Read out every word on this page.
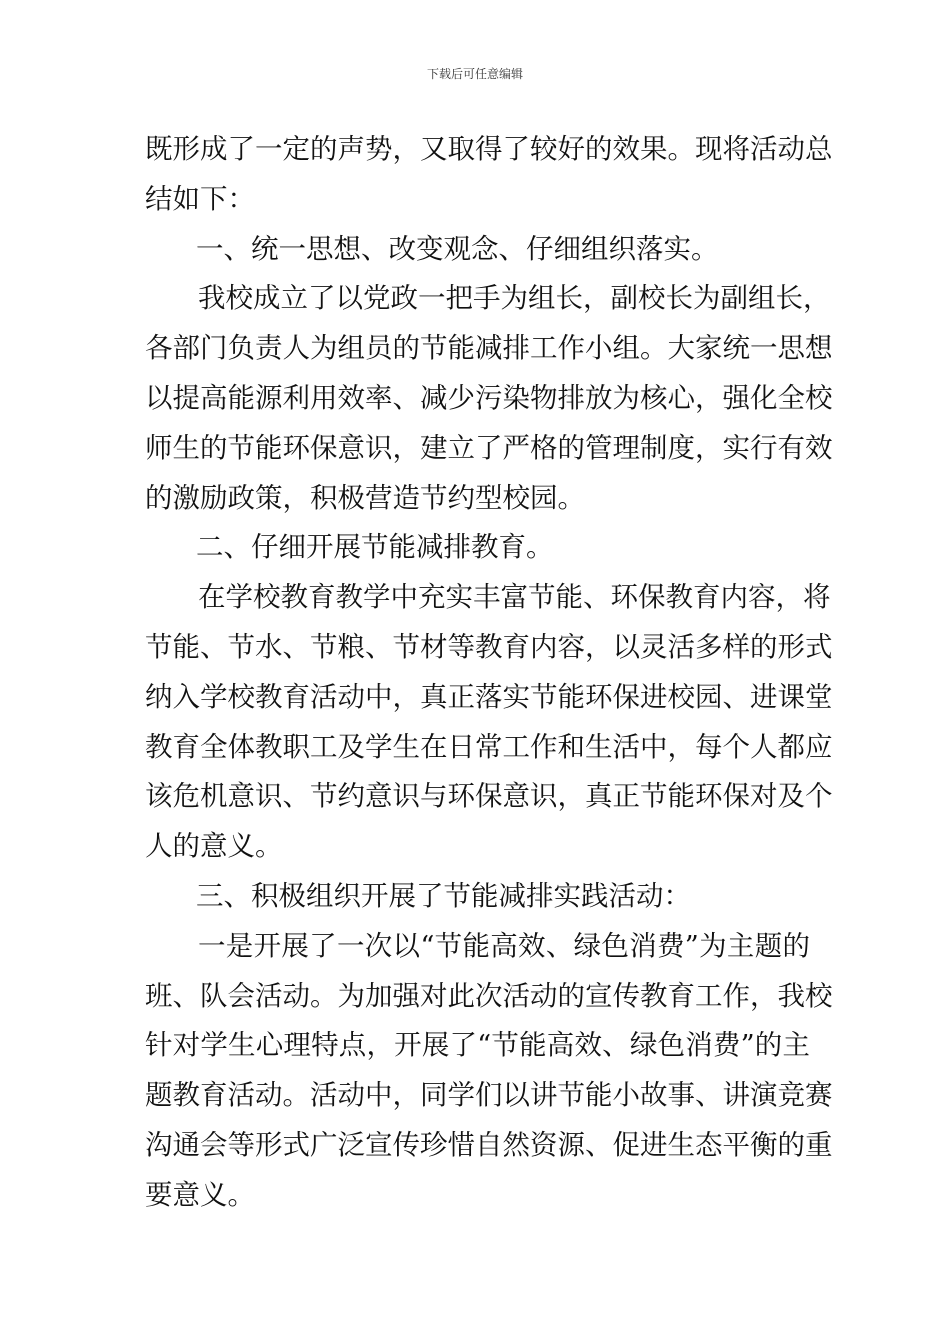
下载后可任意编辑
既形成了一定的声势，又取得了较好的效果。现将活动总
结如下：
一、统一思想、改变观念、仔细组织落实。
我校成立了以党政一把手为组长，副校长为副组长，
各部门负责人为组员的节能减排工作小组。大家统一思想
以提高能源利用效率、减少污染物排放为核心，强化全校
师生的节能环保意识，建立了严格的管理制度，实行有效
的激励政策，积极营造节约型校园。
二、仔细开展节能减排教育。
在学校教育教学中充实丰富节能、环保教育内容，将
节能、节水、节粮、节材等教育内容，以灵活多样的形式
纳入学校教育活动中，真正落实节能环保进校园、进课堂
教育全体教职工及学生在日常工作和生活中，每个人都应
该危机意识、节约意识与环保意识，真正节能环保对及个
人的意义。
三、积极组织开展了节能减排实践活动：
一是开展了一次以“节能高效、绿色消费”为主题的
班、队会活动。为加强对此次活动的宣传教育工作，我校
针对学生心理特点，开展了“节能高效、绿色消费”的主
题教育活动。活动中，同学们以讲节能小故事、讲演竞赛
沟通会等形式广泛宣传珍惜自然资源、促进生态平衡的重
要意义。
